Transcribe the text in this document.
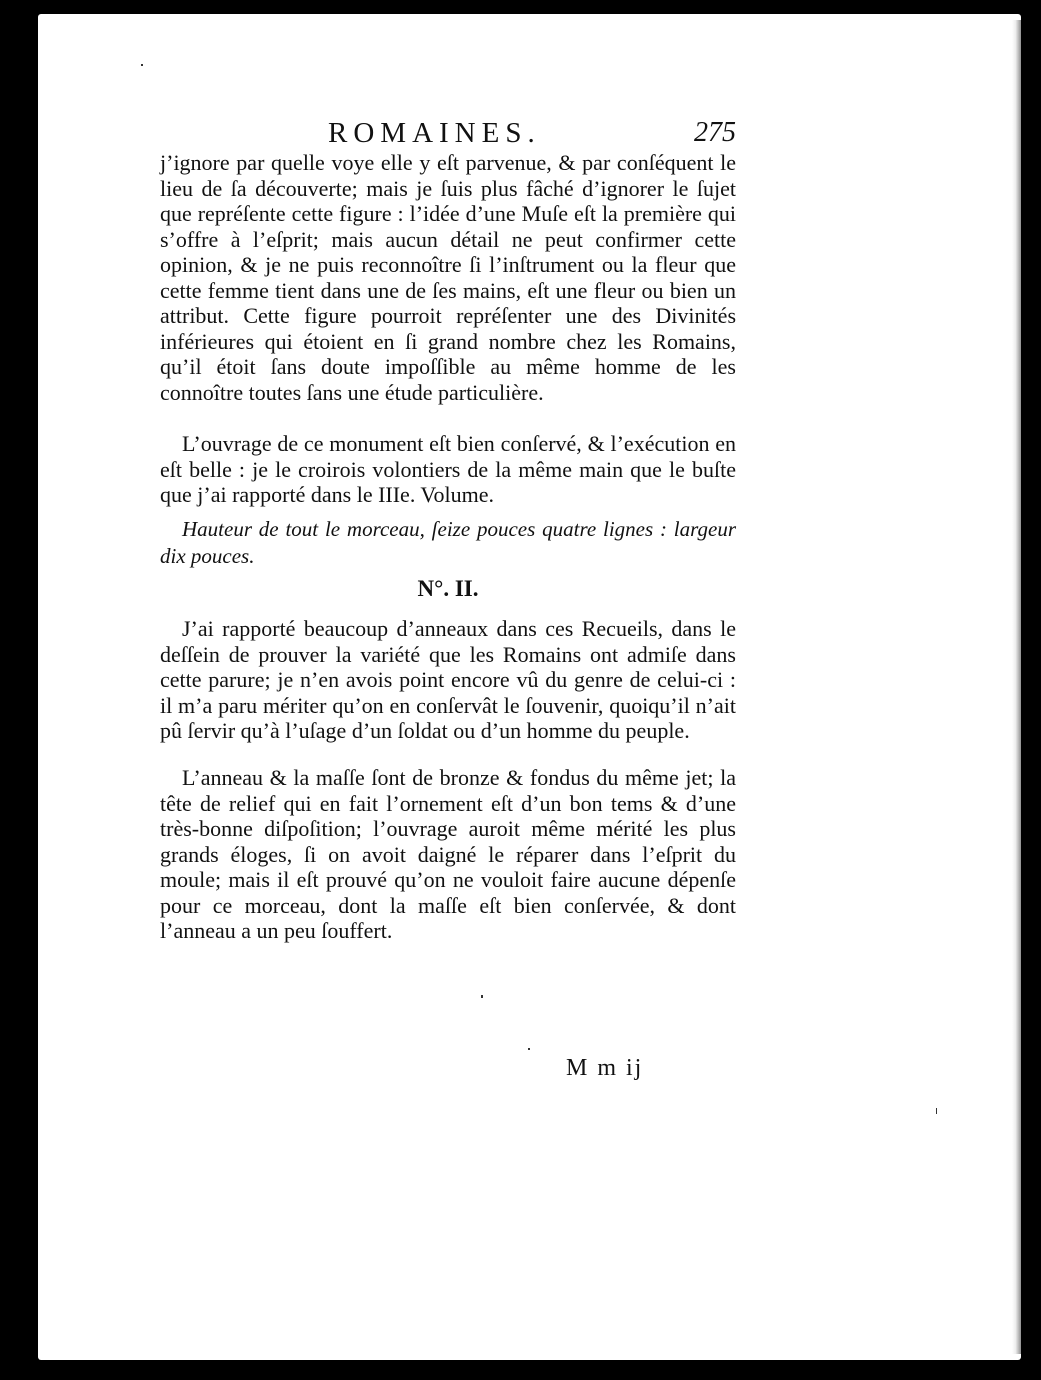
ROMAINES.	275

j’ignore par quelle voye elle y eſt parvenue, & par conſéquent le lieu de ſa découverte; mais je ſuis plus fâché d’ignorer le ſujet que repréſente cette figure : l’idée d’une Muſe eſt la première qui s’offre à l’eſprit; mais aucun détail ne peut confirmer cette opinion, & je ne puis reconnoître ſi l’inſtrument ou la fleur que cette femme tient dans une de ſes mains, eſt une fleur ou bien un attribut. Cette figure pourroit repréſenter une des Divinités inférieures qui étoient en ſi grand nombre chez les Romains, qu’il étoit ſans doute impoſſible au même homme de les connoître toutes ſans une étude particulière.

L’ouvrage de ce monument eſt bien conſervé, & l’exécution en eſt belle : je le croirois volontiers de la même main que le buſte que j’ai rapporté dans le IIIe. Volume.

Hauteur de tout le morceau, ſeize pouces quatre lignes : largeur dix pouces.

N°. II.

J’ai rapporté beaucoup d’anneaux dans ces Recueils, dans le deſſein de prouver la variété que les Romains ont admiſe dans cette parure; je n’en avois point encore vû du genre de celui-ci : il m’a paru mériter qu’on en conſervât le ſouvenir, quoiqu’il n’ait pû ſervir qu’à l’uſage d’un ſoldat ou d’un homme du peuple.

L’anneau & la maſſe ſont de bronze & fondus du même jet; la tête de relief qui en fait l’ornement eſt d’un bon tems & d’une très-bonne diſpoſition; l’ouvrage auroit même mérité les plus grands éloges, ſi on avoit daigné le réparer dans l’eſprit du moule; mais il eſt prouvé qu’on ne vouloit faire aucune dépenſe pour ce morceau, dont la maſſe eſt bien conſervée, & dont l’anneau a un peu ſouffert.

M m ij
